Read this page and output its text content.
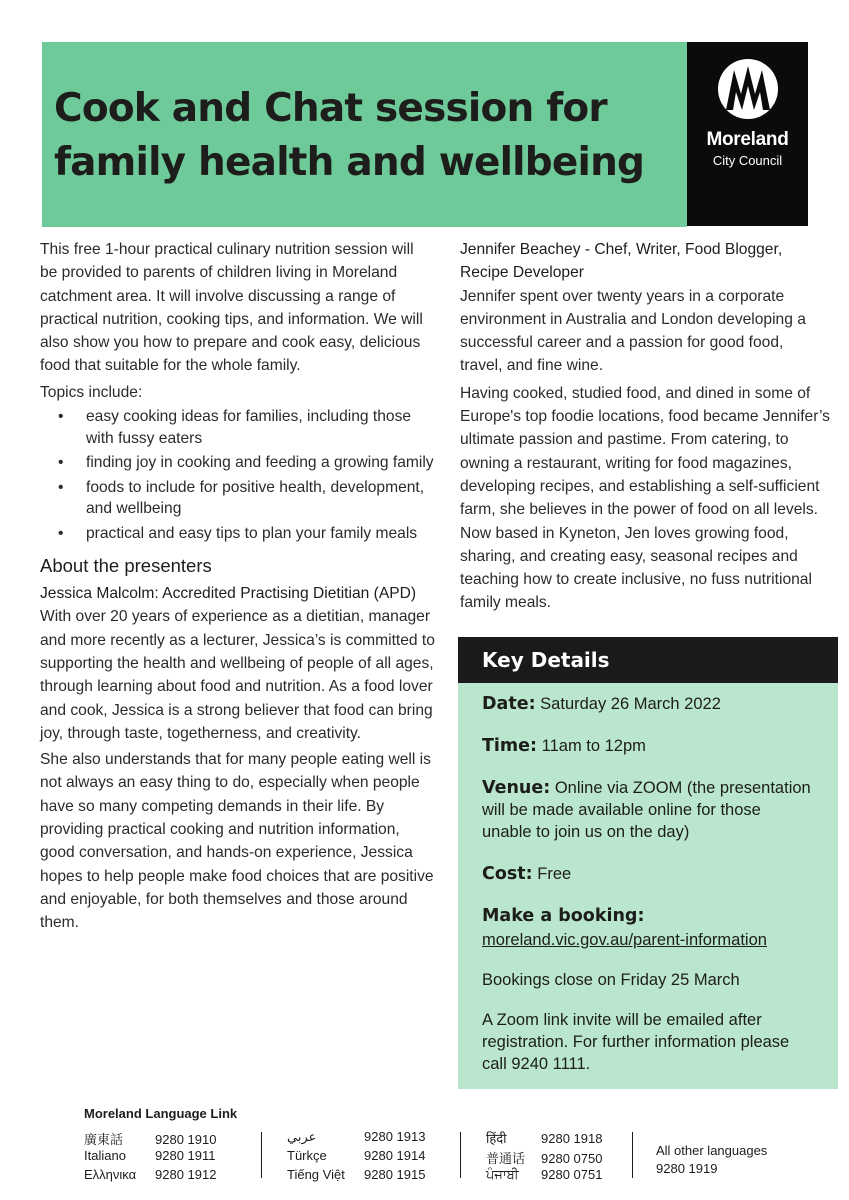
Cook and Chat session for
family health and wellbeing
Moreland
City Council

This free 1-hour practical culinary nutrition session will be provided to parents of children living in Moreland catchment area. It will involve discussing a range of practical nutrition, cooking tips, and information. We will also show you how to prepare and cook easy, delicious food that suitable for the whole family.

Topics include:

• easy cooking ideas for families, including those with fussy eaters
• finding joy in cooking and feeding a growing family
• foods to include for positive health, development, and wellbeing
• practical and easy tips to plan your family meals
About the presenters

Jessica Malcolm: Accredited Practising Dietitian (APD)

With over 20 years of experience as a dietitian, manager and more recently as a lecturer, Jessica’s is committed to supporting the health and wellbeing of people of all ages, through learning about food and nutrition. As a food lover and cook, Jessica is a strong believer that food can bring joy, through taste, togetherness, and creativity.

She also understands that for many people eating well is not always an easy thing to do, especially when people have so many competing demands in their life. By providing practical cooking and nutrition information, good conversation, and hands-on experience, Jessica hopes to help people make food choices that are positive and enjoyable, for both themselves and those around them.

Jennifer Beachey - Chef, Writer, Food Blogger, Recipe Developer

Jennifer spent over twenty years in a corporate environment in Australia and London developing a successful career and a passion for good food, travel, and fine wine.

Having cooked, studied food, and dined in some of Europe's top foodie locations, food became Jennifer’s ultimate passion and pastime. From catering, to owning a restaurant, writing for food magazines, developing recipes, and establishing a self-sufficient farm, she believes in the power of food on all levels. Now based in Kyneton, Jen loves growing food, sharing, and creating easy, seasonal recipes and teaching how to create inclusive, no fuss nutritional family meals.

Key Details
Date: Saturday 26 March 2022
Time: 11am to 12pm
Venue: Online via ZOOM (the presentation will be made available online for those unable to join us on the day)
Cost: Free
Make a booking:
moreland.vic.gov.au/parent-information
Bookings close on Friday 25 March
A Zoom link invite will be emailed after registration. For further information please call 9240 1111.
Moreland Language Link
廣東話 9280 1910
Italiano 9280 1911
Ελληνικα 9280 1912
عربي	9280 1913
Türkçe	9280 1914
Tiếng Việt 9280 1915
हिंदी	9280 1918
普通话 9280 0750
ਪੰਜਾਬੀ 9280 0751
All other languages
9280 1919
